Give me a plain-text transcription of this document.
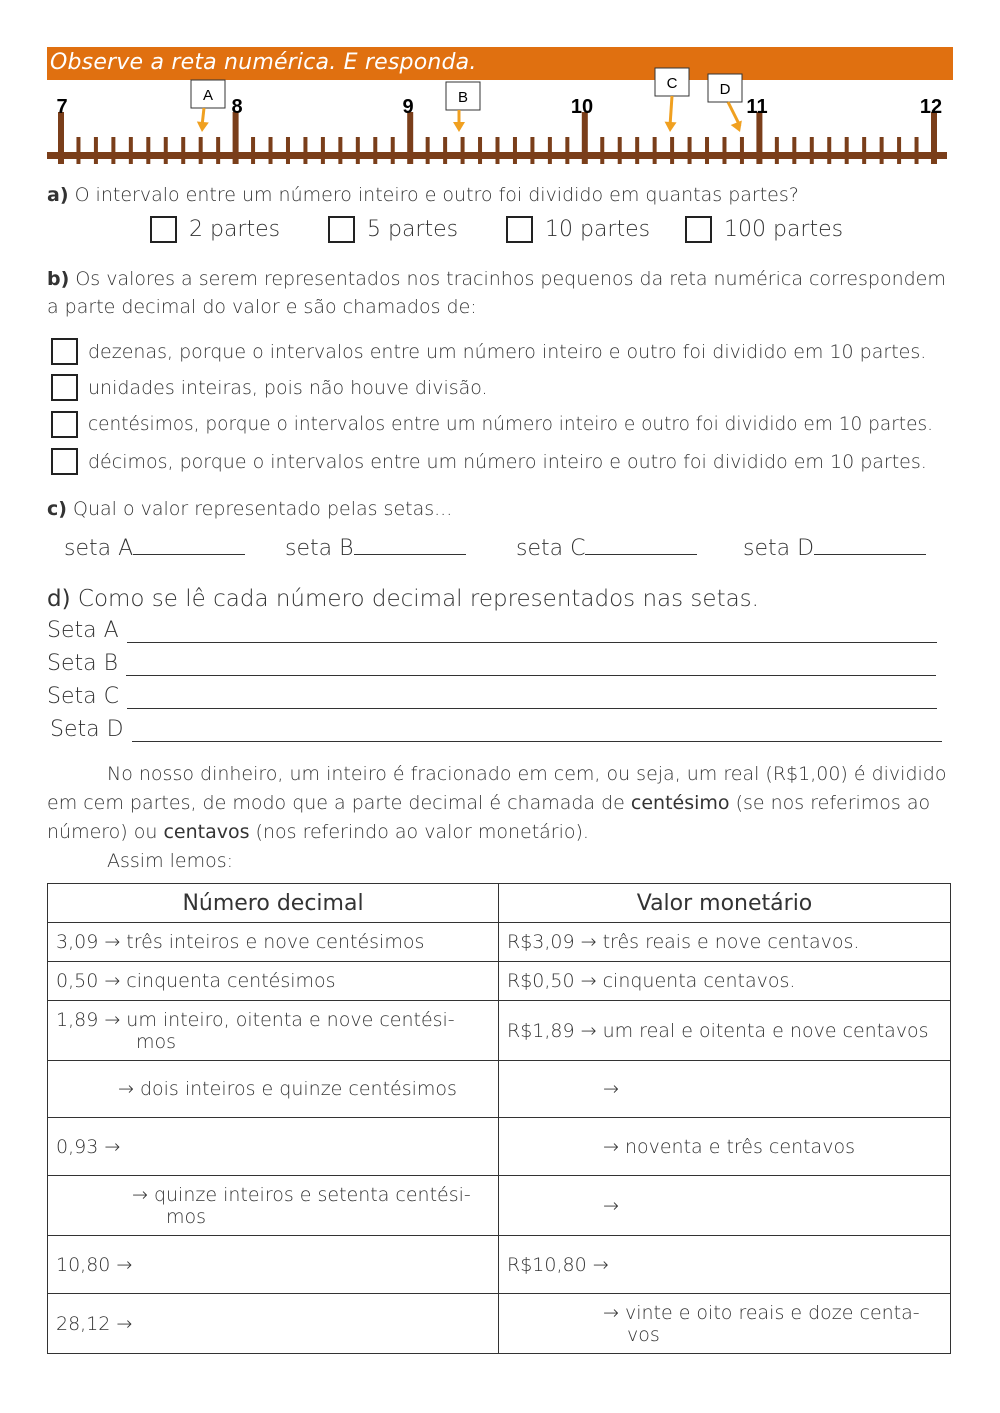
Observe a reta numérica. E responda.
7	8	9	10	11	12
A	B
C	D
a) O intervalo entre um número inteiro e outro foi dividido em quantas partes?
2 partes	5 partes	10 partes	100 partes
b) Os valores a serem representados nos tracinhos pequenos da reta numérica correspondem
a parte decimal do valor e são chamados de:
dezenas, porque o intervalos entre um número inteiro e outro foi dividido em 10 partes.
unidades inteiras, pois não houve divisão.
centésimos, porque o intervalos entre um número inteiro e outro foi dividido em 10 partes.
décimos, porque o intervalos entre um número inteiro e outro foi dividido em 10 partes.
c) Qual o valor representado pelas setas...
seta A	seta B	seta C	seta D
d) Como se lê cada número decimal representados nas setas.
Seta A
Seta B
Seta C
Seta D
No nosso dinheiro, um inteiro é fracionado em cem, ou seja, um real (R$1,00) é dividido
em cem partes, de modo que a parte decimal é chamada de centésimo (se nos referimos ao
número) ou centavos (nos referindo ao valor monetário).
Assim lemos:
Número decimal	Valor monetário
3,09 → três inteiros e nove centésimos	R$3,09 → três reais e nove centavos.
0,50 → cinquenta centésimos	R$0,50 → cinquenta centavos.

1,89 → um inteiro, oitenta e nove centési-
mos	R$1,89 → um real e oitenta e nove centavos
→ dois inteiros e quinze centésimos	→
0,93 →	→ noventa e três centavos

→ quinze inteiros e setenta centési-
mos	→
10,80 →	R$10,80 →
28,12 →	→ vinte e oito reais e doze centa-
vos
